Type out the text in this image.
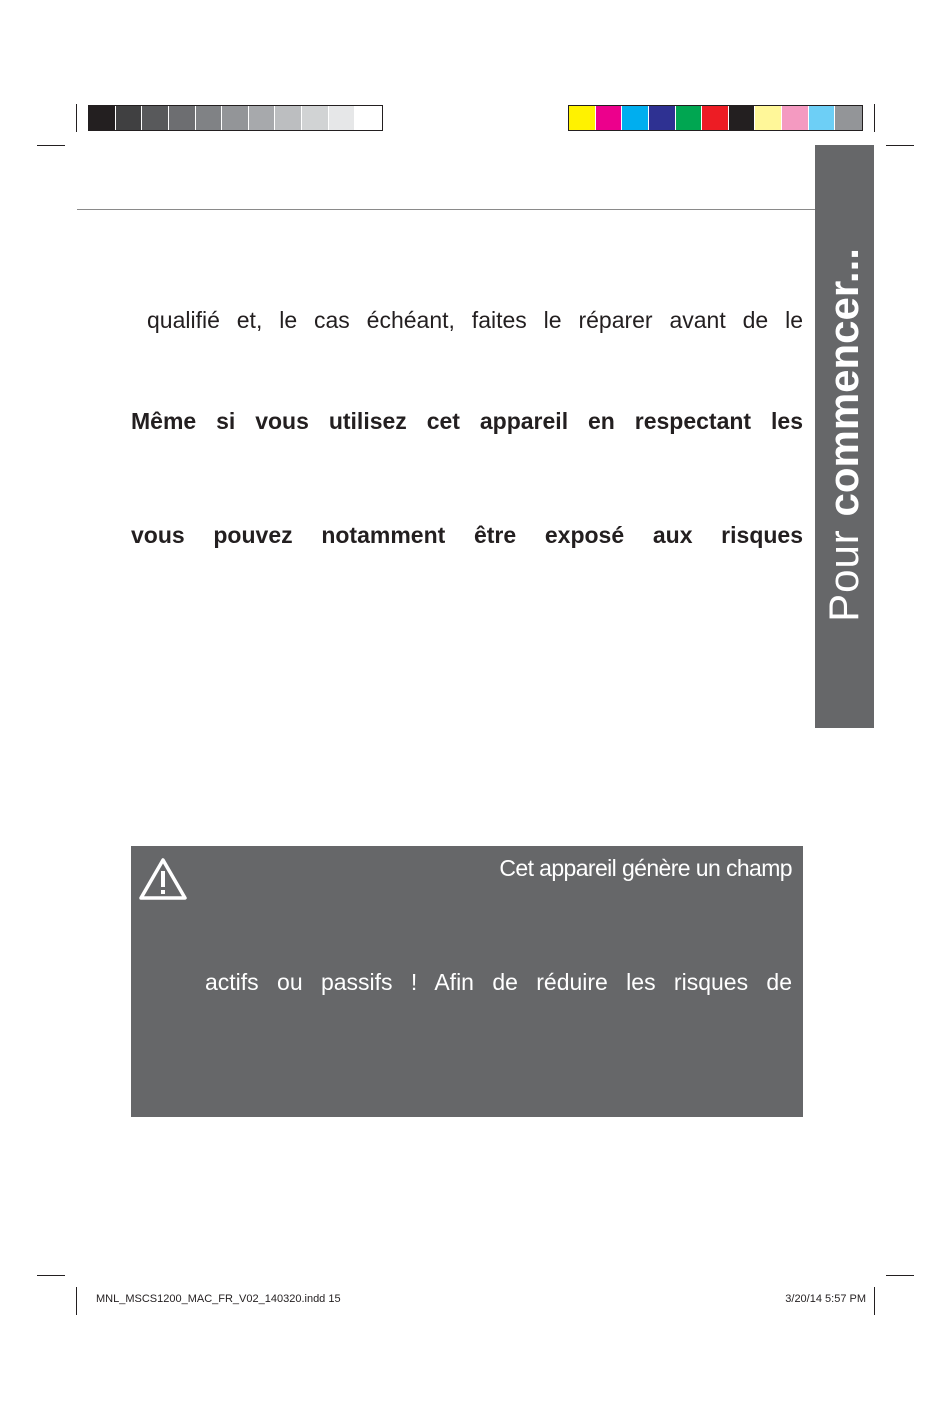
Pour commencer...
qualifié et, le cas échéant, faites le réparer avant de le
Même si vous utilisez cet appareil en respectant les
vous pouvez notamment être exposé aux risques
Cet appareil génère un champ
actifs ou passifs ! Afin de réduire les risques de
MNL_MSCS1200_MAC_FR_V02_140320.indd 15	3/20/14 5:57 PM
